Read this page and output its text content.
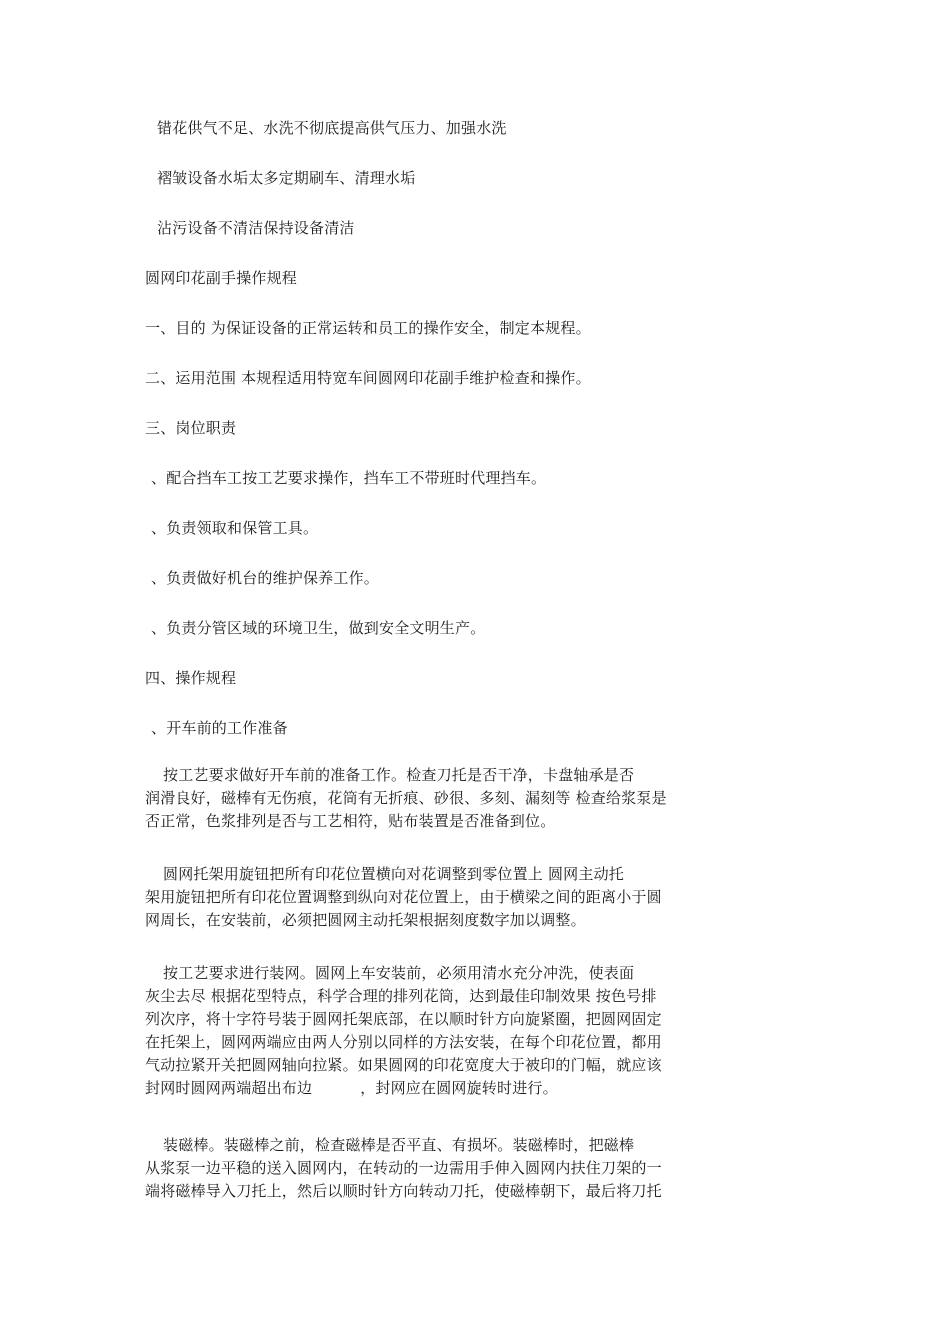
错花供气不足、水洗不彻底提高供气压力、加强水洗
褶皱设备水垢太多定期刷车、清理水垢
沾污设备不清洁保持设备清洁
圆网印花副手操作规程
一、目的 为保证设备的正常运转和员工的操作安全，制定本规程。
二、运用范围 本规程适用特宽车间圆网印花副手维护检查和操作。
三、岗位职责
、配合挡车工按工艺要求操作，挡车工不带班时代理挡车。
、负责领取和保管工具。
、负责做好机台的维护保养工作。
、负责分管区域的环境卫生，做到安全文明生产。
四、操作规程
、开车前的工作准备
按工艺要求做好开车前的准备工作。检查刀托是否干净，卡盘轴承是否
润滑良好，磁棒有无伤痕，花筒有无折痕、砂很、多刻、漏刻等 检查给浆泵是
否正常，色浆排列是否与工艺相符，贴布装置是否准备到位。
圆网托架用旋钮把所有印花位置横向对花调整到零位置上 圆网主动托
架用旋钮把所有印花位置调整到纵向对花位置上，由于横梁之间的距离小于圆
网周长，在安装前，必须把圆网主动托架根据刻度数字加以调整。
按工艺要求进行装网。圆网上车安装前，必须用清水充分冲洗，使表面
灰尘去尽 根据花型特点，科学合理的排列花筒，达到最佳印制效果 按色号排
列次序，将十字符号装于圆网托架底部，在以顺时针方向旋紧圈，把圆网固定
在托架上，圆网两端应由两人分别以同样的方法安装，在每个印花位置，都用
气动拉紧开关把圆网轴向拉紧。如果圆网的印花宽度大于被印的门幅，就应该
封网时圆网两端超出布边	，封网应在圆网旋转时进行。
装磁棒。装磁棒之前，检查磁棒是否平直、有损坏。装磁棒时，把磁棒
从浆泵一边平稳的送入圆网内，在转动的一边需用手伸入圆网内扶住刀架的一
端将磁棒导入刀托上，然后以顺时针方向转动刀托，使磁棒朝下，最后将刀托
